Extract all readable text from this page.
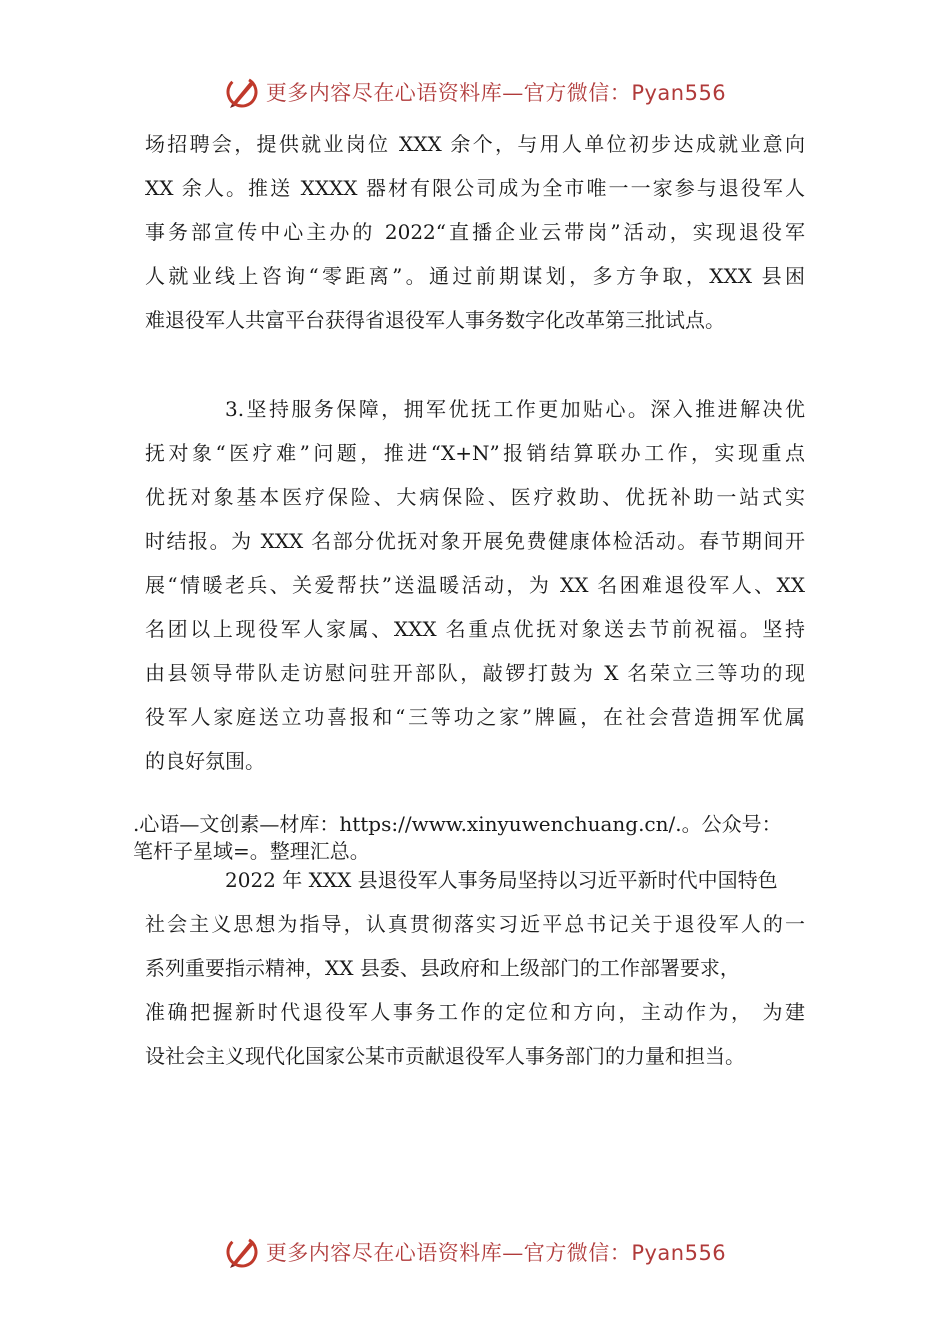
更多内容尽在心语资料库—官方微信：Pyan556
场招聘会，提供就业岗位 XXX 余个，与用人单位初步达成就业意向
XX 余人。推送 XXXX 器材有限公司成为全市唯一一家参与退役军人
事务部宣传中心主办的 2022“直播企业云带岗”活动，实现退役军
人就业线上咨询“零距离”。通过前期谋划，多方争取，XXX 县困
难退役军人共富平台获得省退役军人事务数字化改革第三批试点。
3.坚持服务保障，拥军优抚工作更加贴心。深入推进解决优
抚对象“医疗难”问题，推进“X+N”报销结算联办工作，实现重点
优抚对象基本医疗保险、大病保险、医疗救助、优抚补助一站式实
时结报。为 XXX 名部分优抚对象开展免费健康体检活动。春节期间开
展“情暖老兵、关爱帮扶”送温暖活动，为 XX 名困难退役军人、XX
名团以上现役军人家属、XXX 名重点优抚对象送去节前祝福。坚持
由县领导带队走访慰问驻开部队，敲锣打鼓为 X 名荣立三等功的现
役军人家庭送立功喜报和“三等功之家”牌匾，在社会营造拥军优属
的良好氛围。
.心语—文创素—材库：https://www.xinyuwenchuang.cn/.。公众号：
笔杆子星域=。整理汇总。
2022 年 XXX 县退役军人事务局坚持以习近平新时代中国特色
社会主义思想为指导，认真贯彻落实习近平总书记关于退役军人的一
系列重要指示精神，XX 县委、县政府和上级部门的工作部署要求，
准确把握新时代退役军人事务工作的定位和方向，主动作为， 为建
设社会主义现代化国家公某市贡献退役军人事务部门的力量和担当。
更多内容尽在心语资料库—官方微信：Pyan556
